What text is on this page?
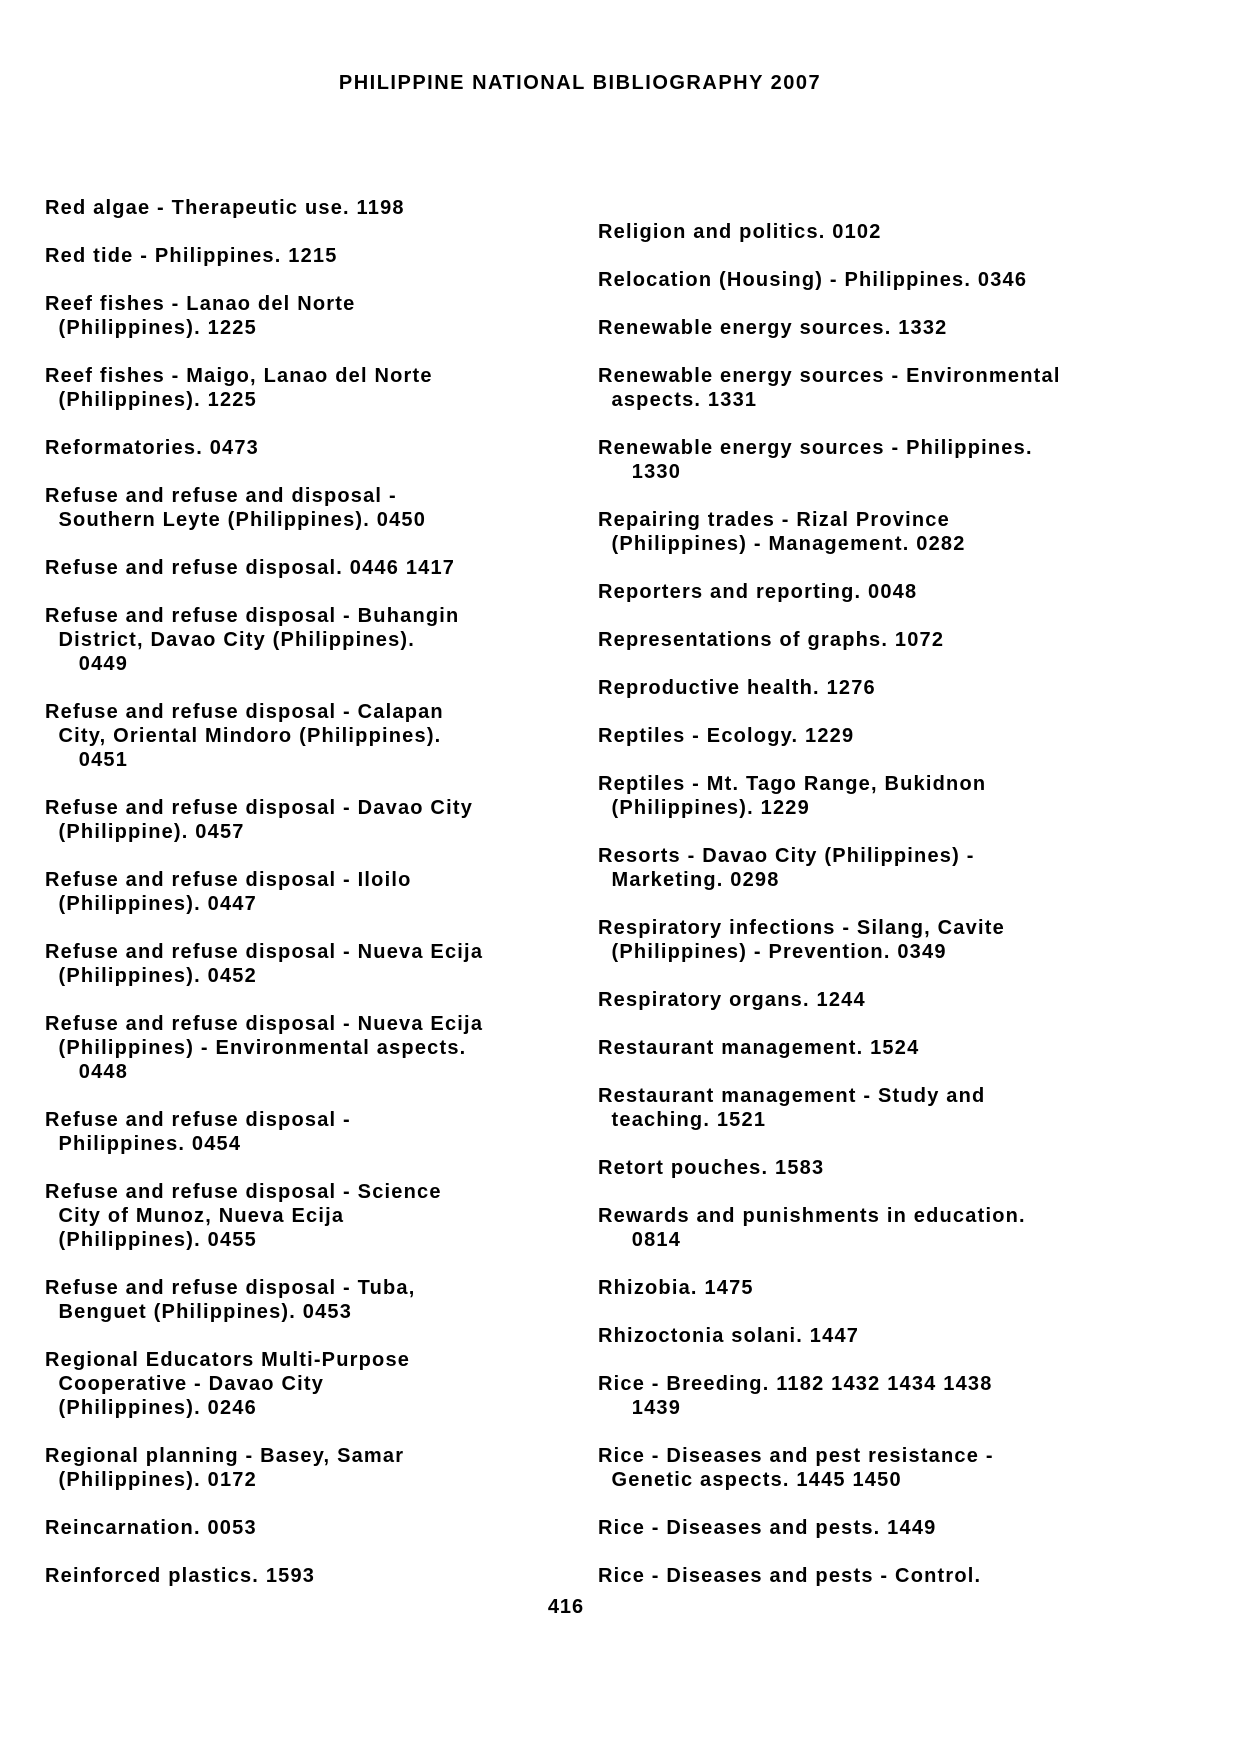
PHILIPPINE NATIONAL BIBLIOGRAPHY 2007
Red algae - Therapeutic use. 1198
Red tide - Philippines. 1215
Reef fishes - Lanao del Norte
(Philippines). 1225
Reef fishes - Maigo, Lanao del Norte
(Philippines). 1225
Reformatories. 0473
Refuse and refuse and disposal -
Southern Leyte (Philippines). 0450
Refuse and refuse disposal. 0446 1417
Refuse and refuse disposal - Buhangin
District, Davao City (Philippines).
0449
Refuse and refuse disposal - Calapan
City, Oriental Mindoro (Philippines).
0451
Refuse and refuse disposal - Davao City
(Philippine). 0457
Refuse and refuse disposal - Iloilo
(Philippines). 0447
Refuse and refuse disposal - Nueva Ecija
(Philippines). 0452
Refuse and refuse disposal - Nueva Ecija
(Philippines) - Environmental aspects.
0448
Refuse and refuse disposal -
Philippines. 0454
Refuse and refuse disposal - Science
City of Munoz, Nueva Ecija
(Philippines). 0455
Refuse and refuse disposal - Tuba,
Benguet (Philippines). 0453
Regional Educators Multi-Purpose
Cooperative - Davao City
(Philippines). 0246
Regional planning - Basey, Samar
(Philippines). 0172
Reincarnation. 0053
Reinforced plastics. 1593
Religion and politics. 0102
Relocation (Housing) - Philippines. 0346
Renewable energy sources. 1332
Renewable energy sources - Environmental
aspects. 1331
Renewable energy sources - Philippines.
1330
Repairing trades - Rizal Province
(Philippines) - Management. 0282
Reporters and reporting. 0048
Representations of graphs. 1072
Reproductive health. 1276
Reptiles - Ecology. 1229
Reptiles - Mt. Tago Range, Bukidnon
(Philippines). 1229
Resorts - Davao City (Philippines) -
Marketing. 0298
Respiratory infections - Silang, Cavite
(Philippines) - Prevention. 0349
Respiratory organs. 1244
Restaurant management. 1524
Restaurant management - Study and
teaching. 1521
Retort pouches. 1583
Rewards and punishments in education.
0814
Rhizobia. 1475
Rhizoctonia solani. 1447
Rice - Breeding. 1182 1432 1434 1438
1439
Rice - Diseases and pest resistance -
Genetic aspects. 1445 1450
Rice - Diseases and pests. 1449
Rice - Diseases and pests - Control.
416
